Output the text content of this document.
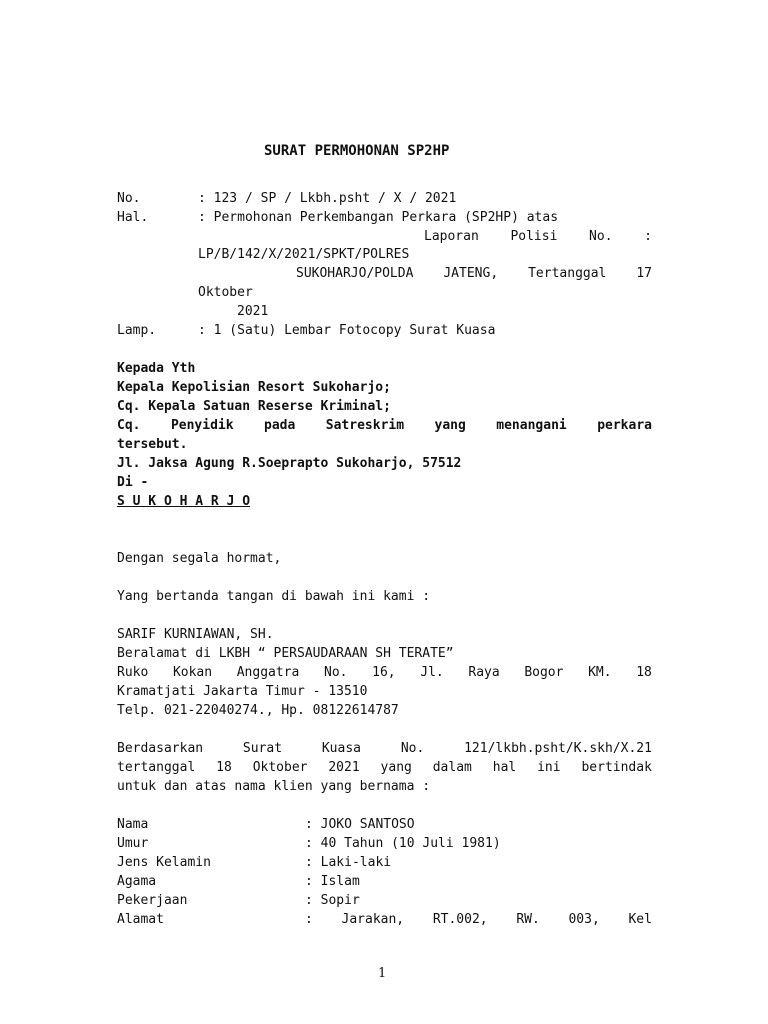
SURAT PERMOHONAN SP2HP
No.	: 123 / SP / Lkbh.psht / X / 2021
Hal.	: Permohonan Perkembangan Perkara (SP2HP) atas
Laporan Polisi No. :
LP/B/142/X/2021/SPKT/POLRES
SUKOHARJO/POLDA JATENG, Tertanggal 17
Oktober
2021
Lamp.	: 1 (Satu) Lembar Fotocopy Surat Kuasa
Kepada Yth
Kepala Kepolisian Resort Sukoharjo;
Cq. Kepala Satuan Reserse Kriminal;
Cq. Penyidik pada Satreskrim yang menangani perkara
tersebut.
Jl. Jaksa Agung R.Soeprapto Sukoharjo, 57512
Di -
S U K O H A R J O
Dengan segala hormat,
Yang bertanda tangan di bawah ini kami :
SARIF KURNIAWAN, SH.
Beralamat di LKBH “ PERSAUDARAAN SH TERATE”
Ruko Kokan Anggatra No. 16, Jl. Raya Bogor KM. 18
Kramatjati Jakarta Timur - 13510
Telp. 021-22040274., Hp. 08122614787
Berdasarkan	Surat	Kuasa	No.	121/lkbh.psht/K.skh/X.21
tertanggal 18 Oktober 2021 yang dalam hal ini bertindak
untuk dan atas nama klien yang bernama :
Nama	: JOKO SANTOSO
Umur	: 40 Tahun (10 Juli 1981)
Jens Kelamin	: Laki-laki
Agama	: Islam
Pekerjaan	: Sopir
Alamat	: Jarakan, RT.002, RW. 003, Kel
1
